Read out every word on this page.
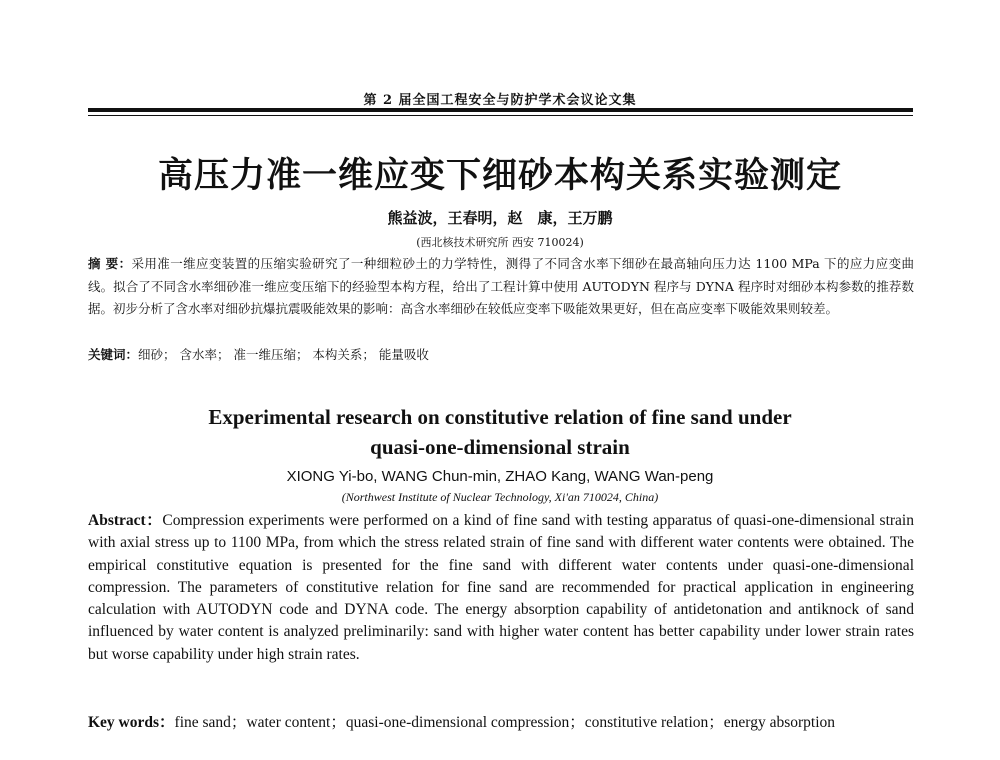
第 2 届全国工程安全与防护学术会议论文集
高压力准一维应变下细砂本构关系实验测定
熊益波，王春明，赵　康，王万鹏
(西北核技术研究所 西安 710024)
摘 要：采用准一维应变装置的压缩实验研究了一种细粒砂土的力学特性，测得了不同含水率下细砂在最高轴向压力达 1100 MPa 下的应力应变曲线。拟合了不同含水率细砂准一维应变压缩下的经验型本构方程，给出了工程计算中使用 AUTODYN 程序与 DYNA 程序时对细砂本构参数的推荐数据。初步分析了含水率对细砂抗爆抗震吸能效果的影响：高含水率细砂在较低应变率下吸能效果更好，但在高应变率下吸能效果则较差。
关键词：细砂； 含水率； 准一维压缩； 本构关系； 能量吸收
Experimental research on constitutive relation of fine sand under
quasi-one-dimensional strain
XIONG Yi-bo, WANG Chun-min, ZHAO Kang, WANG Wan-peng
(Northwest Institute of Nuclear Technology, Xi'an 710024, China)
Abstract：Compression experiments were performed on a kind of fine sand with testing apparatus of quasi-one-dimensional strain with axial stress up to 1100 MPa, from which the stress related strain of fine sand with different water contents were obtained. The empirical constitutive equation is presented for the fine sand with different water contents under quasi-one-dimensional compression. The parameters of constitutive relation for fine sand are recommended for practical application in engineering calculation with AUTODYN code and DYNA code. The energy absorption capability of antidetonation and antiknock of sand influenced by water content is analyzed preliminarily: sand with higher water content has better capability under lower strain rates but worse capability under high strain rates.
Key words：fine sand；water content；quasi-one-dimensional compression；constitutive relation；energy absorption
